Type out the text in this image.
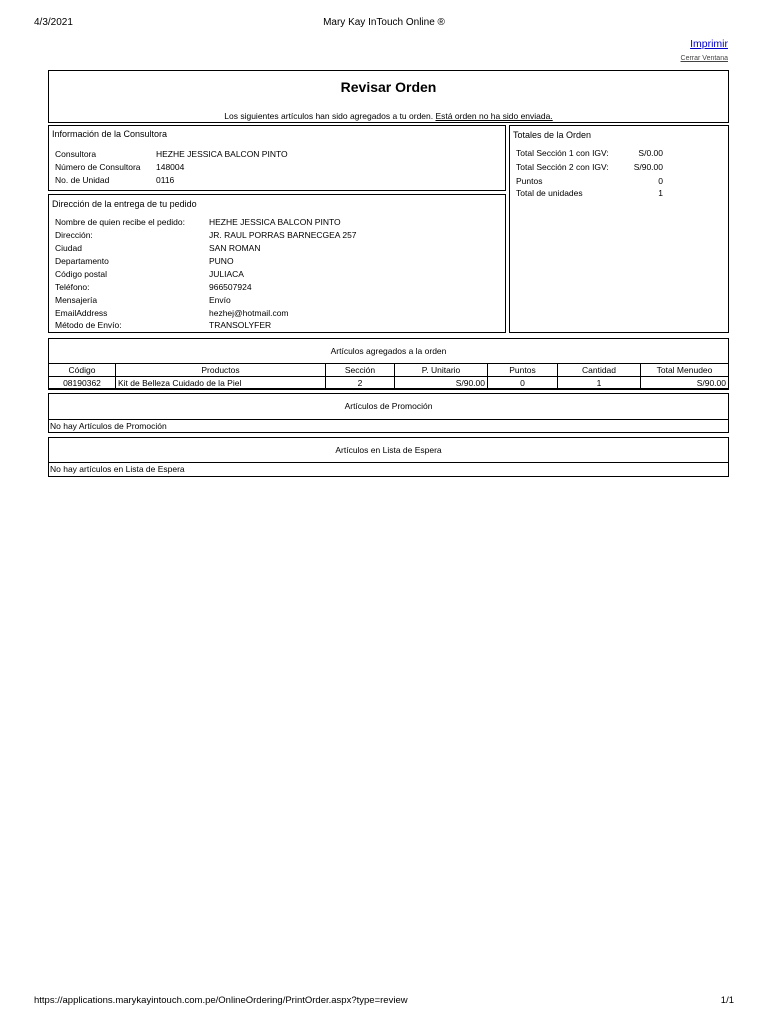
4/3/2021	Mary Kay InTouch Online ®
Imprimir
Cerrar Ventana
Revisar Orden
Los siguientes artículos han sido agregados a tu orden. Está orden no ha sido enviada.
Información de la Consultora
Consultora	HEZHE JESSICA BALCON PINTO
Número de Consultora 148004
No. de Unidad	0116
Dirección de la entrega de tu pedido
Nombre de quien recibe el pedido:	HEZHE JESSICA BALCON PINTO
Dirección:	JR. RAUL PORRAS BARNECGEA 257
Ciudad	SAN ROMAN
Departamento	PUNO
Código postal	JULIACA
Teléfono:	966507924
Mensajería	Envío
EmailAddress	hezhej@hotmail.com
Método de Envío:	TRANSOLYFER
Totales de la Orden
Total Sección 1 con IGV:	S/0.00
Total Sección 2 con IGV:	S/90.00
Puntos	0
Total de unidades	1
Artículos agregados a la orden
Código	Productos	Sección	P. Unitario	Puntos	Cantidad	Total Menudeo
08190362	Kit de Belleza Cuidado de la Piel	2	S/90.00	0	1	S/90.00
Artículos de Promoción
No hay Artículos de Promoción
Artículos en Lista de Espera
No hay artículos en Lista de Espera
https://applications.marykayintouch.com.pe/OnlineOrdering/PrintOrder.aspx?type=review	1/1
